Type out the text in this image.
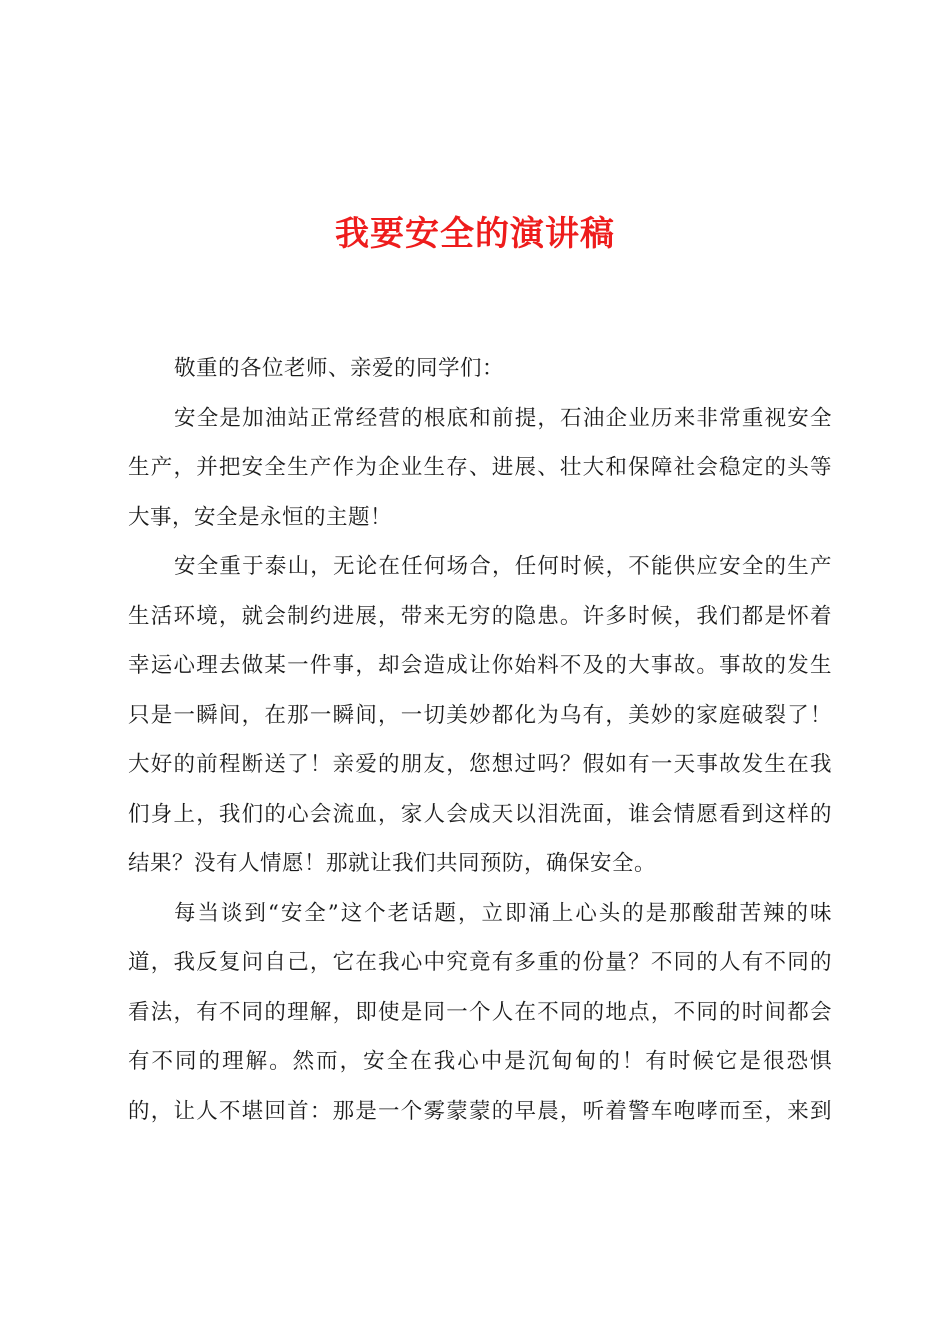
我要安全的演讲稿
敬重的各位老师、亲爱的同学们：
安全是加油站正常经营的根底和前提，石油企业历来非常重视安全
生产，并把安全生产作为企业生存、进展、壮大和保障社会稳定的头等
大事，安全是永恒的主题！
安全重于泰山，无论在任何场合，任何时候，不能供应安全的生产
生活环境，就会制约进展，带来无穷的隐患。许多时候，我们都是怀着
幸运心理去做某一件事，却会造成让你始料不及的大事故。事故的发生
只是一瞬间，在那一瞬间，一切美妙都化为乌有，美妙的家庭破裂了！
大好的前程断送了！亲爱的朋友，您想过吗？假如有一天事故发生在我
们身上，我们的心会流血，家人会成天以泪洗面，谁会情愿看到这样的
结果？没有人情愿！那就让我们共同预防，确保安全。
每当谈到“安全”这个老话题，立即涌上心头的是那酸甜苦辣的味
道，我反复问自己，它在我心中究竟有多重的份量？不同的人有不同的
看法，有不同的理解，即使是同一个人在不同的地点，不同的时间都会
有不同的理解。然而，安全在我心中是沉甸甸的！有时候它是很恐惧
的，让人不堪回首：那是一个雾蒙蒙的早晨，听着警车咆哮而至，来到
